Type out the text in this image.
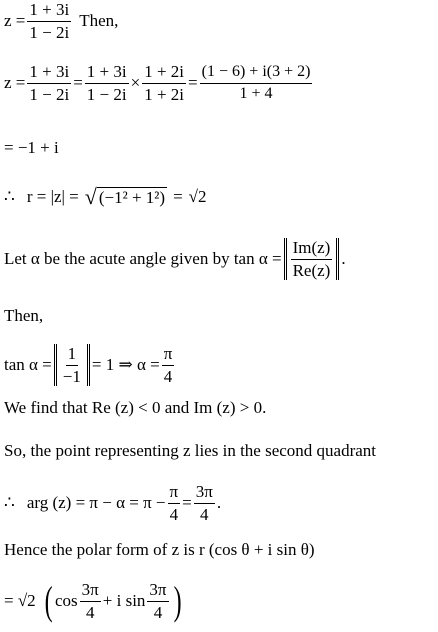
$z = \frac{1 + 3i}{1 - 2i}$ Then,
$z = \frac{1 + 3i}{1 - 2i} = \frac{1 + 3i}{1 - 2i} \times \frac{1 + 2i}{1 + 2i} = \frac{(1 - 6) + i(3 + 2)}{1 + 4}$
= −1 + i
∴ r = |z| = √ (−1² + 1²) = √2
Let α be the acute angle given by $\tan \alpha = \frac{Im(z)}{Re(z)}$ .
Then,
$\tan \alpha = \frac{1}{-1} = 1$ ⇒ $\alpha = \frac{\pi}{4}$
We find that Re (z) < 0 and Im (z) > 0.
So, the point representing z lies in the second quadrant
∴ arg $(z) = \pi - \alpha = \pi - \frac{\pi}{4} = \frac{3\pi}{4}$ .
Hence the polar form of z is r (cos θ + i sin θ)
= √2 ( $\cos \frac{3\pi}{4} + i$ $\sin \frac{3\pi}{4}$ )
